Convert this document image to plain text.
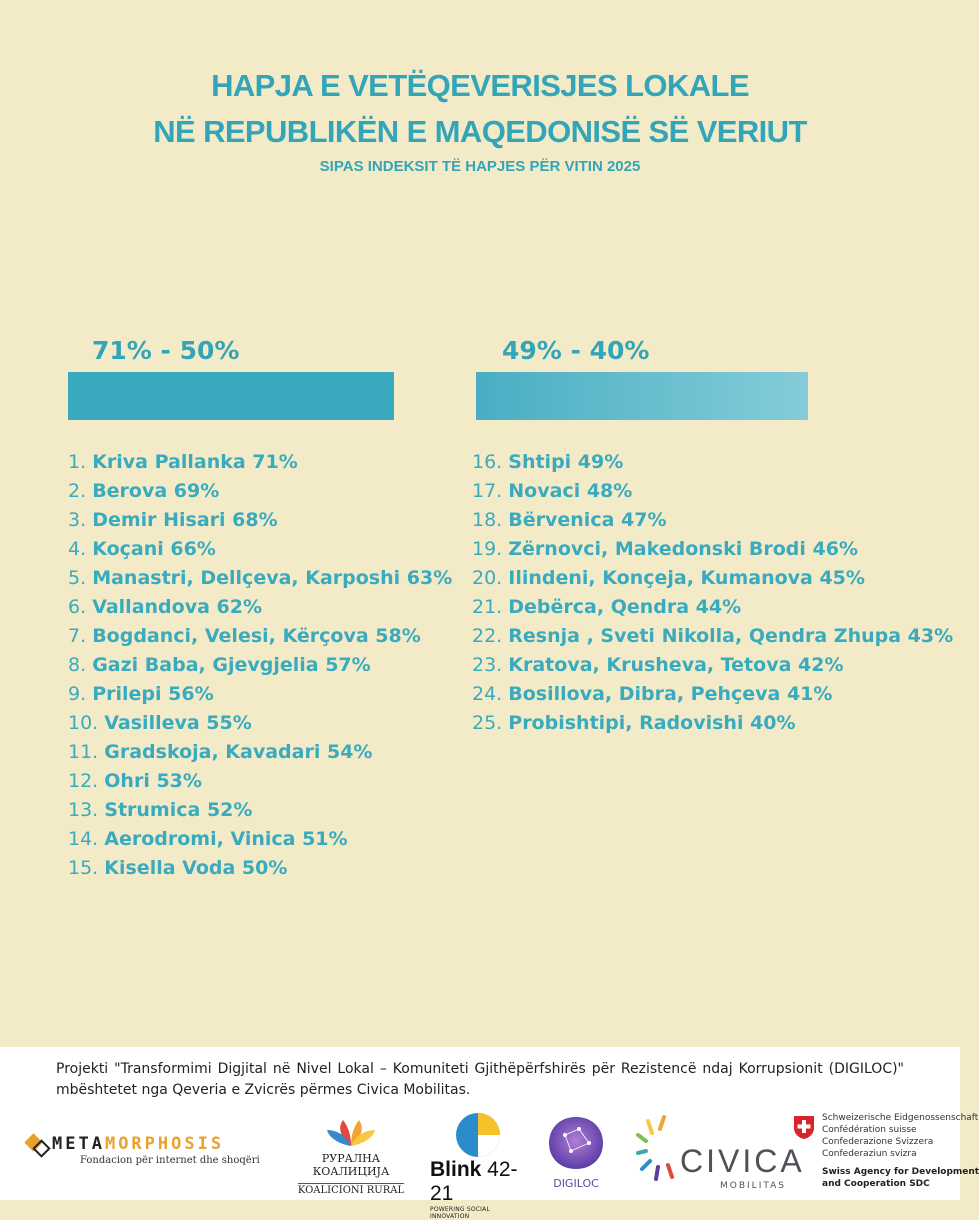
HAPJA E VETËQEVERISJES LOKALE
NË REPUBLIKËN E MAQEDONISË SË VERIUT
SIPAS INDEKSIT TË HAPJES PËR VITIN 2025
71% - 50%	49% - 40%
1. Kriva Pallanka 71%
2. Berova 69%
3. Demir Hisari 68%
4. Koçani 66%
5. Manastri, Dellçeva, Karposhi 63%
6. Vallandova 62%
7. Bogdanci, Velesi, Kërçova 58%
8. Gazi Baba, Gjevgjelia 57%
9. Prilepi 56%
10. Vasilleva 55%
11. Gradskoja, Kavadari 54%
12. Ohri 53%
13. Strumica 52%
14. Aerodromi, Vinica 51%
15. Kisella Voda 50%
16. Shtipi 49%
17. Novaci 48%
18. Bërvenica 47%
19. Zërnovci, Makedonski Brodi 46%
20. Ilindeni, Konçeja, Kumanova 45%
21. Debërca, Qendra 44%
22. Resnja , Sveti Nikolla, Qendra Zhupa 43%
23. Kratova, Krusheva, Tetova 42%
24. Bosillova, Dibra, Pehçeva 41%
25. Probishtipi, Radovishi 40%
Projekti "Transformimi Digjital në Nivel Lokal – Komuniteti Gjithëpërfshirës për Rezistencë ndaj Korrupsionit (DIGILOC)" mbështetet nga Qeveria e Zvicrës përmes Civica Mobilitas.
METAMORPHOSIS
Fondacion për internet dhe shoqëri	РУРАЛНА КОАЛИЦИЈА
KOALICIONI RURAL
Blink 42-21
POWERING SOCIAL INNOVATION
DIGILOC
CIVICA
MOBILITAS
Schweizerische Eidgenossenschaft
Confédération suisse
Confederazione Svizzera
Confederaziun svizra
Swiss Agency for Development
and Cooperation SDC
